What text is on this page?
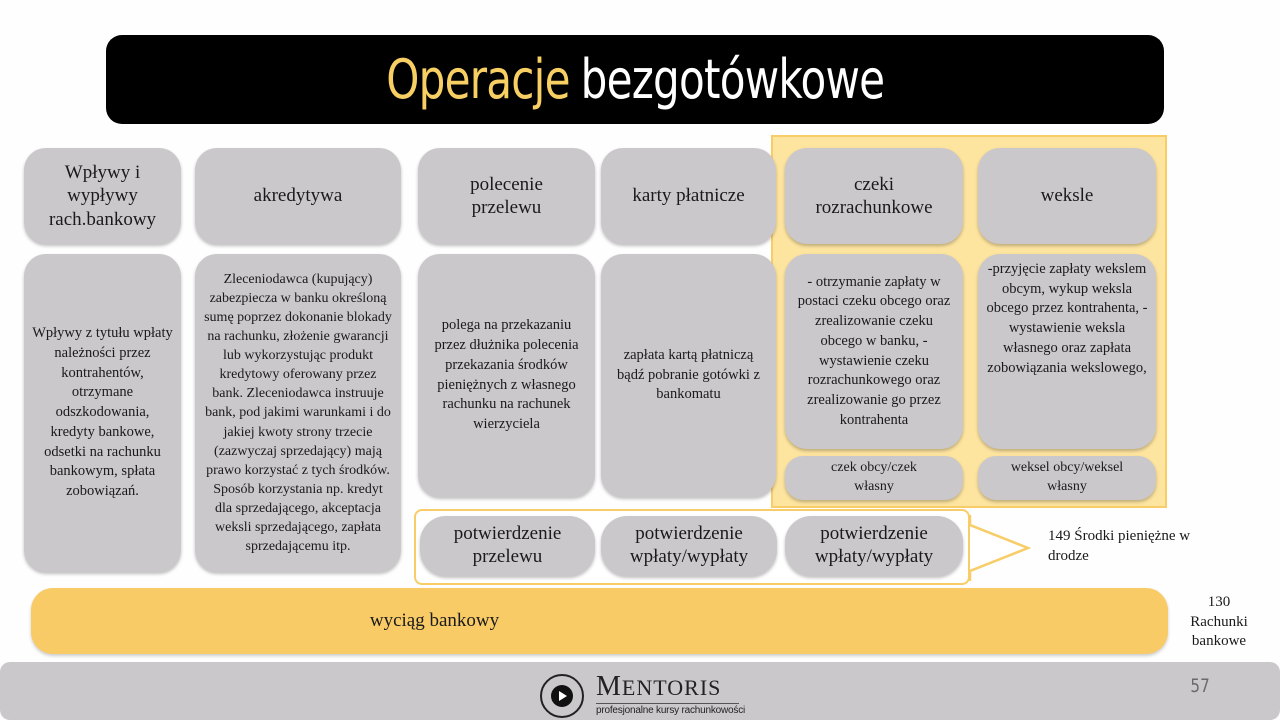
Operacje bezgotówkowe
Wpływy i wypływy rach.bankowy
akredytywa
polecenie przelewu
karty płatnicze
czeki rozrachunkowe
weksle
Wpływy z tytułu wpłaty należności przez kontrahentów, otrzymane odszkodowania, kredyty bankowe, odsetki na rachunku bankowym, spłata zobowiązań.
Zleceniodawca (kupujący) zabezpiecza w banku określoną sumę poprzez dokonanie blokady na rachunku, złożenie gwarancji lub wykorzystując produkt kredytowy oferowany przez bank. Zleceniodawca instruuje bank, pod jakimi warunkami i do jakiej kwoty strony trzecie (zazwyczaj sprzedający) mają prawo korzystać z tych środków. Sposób korzystania np. kredyt dla sprzedającego, akceptacja weksli sprzedającego, zapłata sprzedającemu itp.
polega na przekazaniu przez dłużnika polecenia przekazania środków pieniężnych z własnego rachunku na rachunek wierzyciela
zapłata kartą płatniczą bądź pobranie gotówki z bankomatu
- otrzymanie zapłaty w postaci czeku obcego oraz zrealizowanie czeku obcego w banku, - wystawienie czeku rozrachunkowego oraz zrealizowanie go przez kontrahenta
-przyjęcie zapłaty wekslem obcym, wykup weksla obcego przez kontrahenta, -wystawienie weksla własnego oraz zapłata zobowiązania wekslowego,
czek obcy/czek własny
weksel obcy/weksel własny
potwierdzenie przelewu
potwierdzenie wpłaty/wypłaty
potwierdzenie wpłaty/wypłaty
149 Środki pieniężne w drodze
130
Rachunki bankowe
wyciąg bankowy
MENTORIS
profesjonalne kursy rachunkowości
57
